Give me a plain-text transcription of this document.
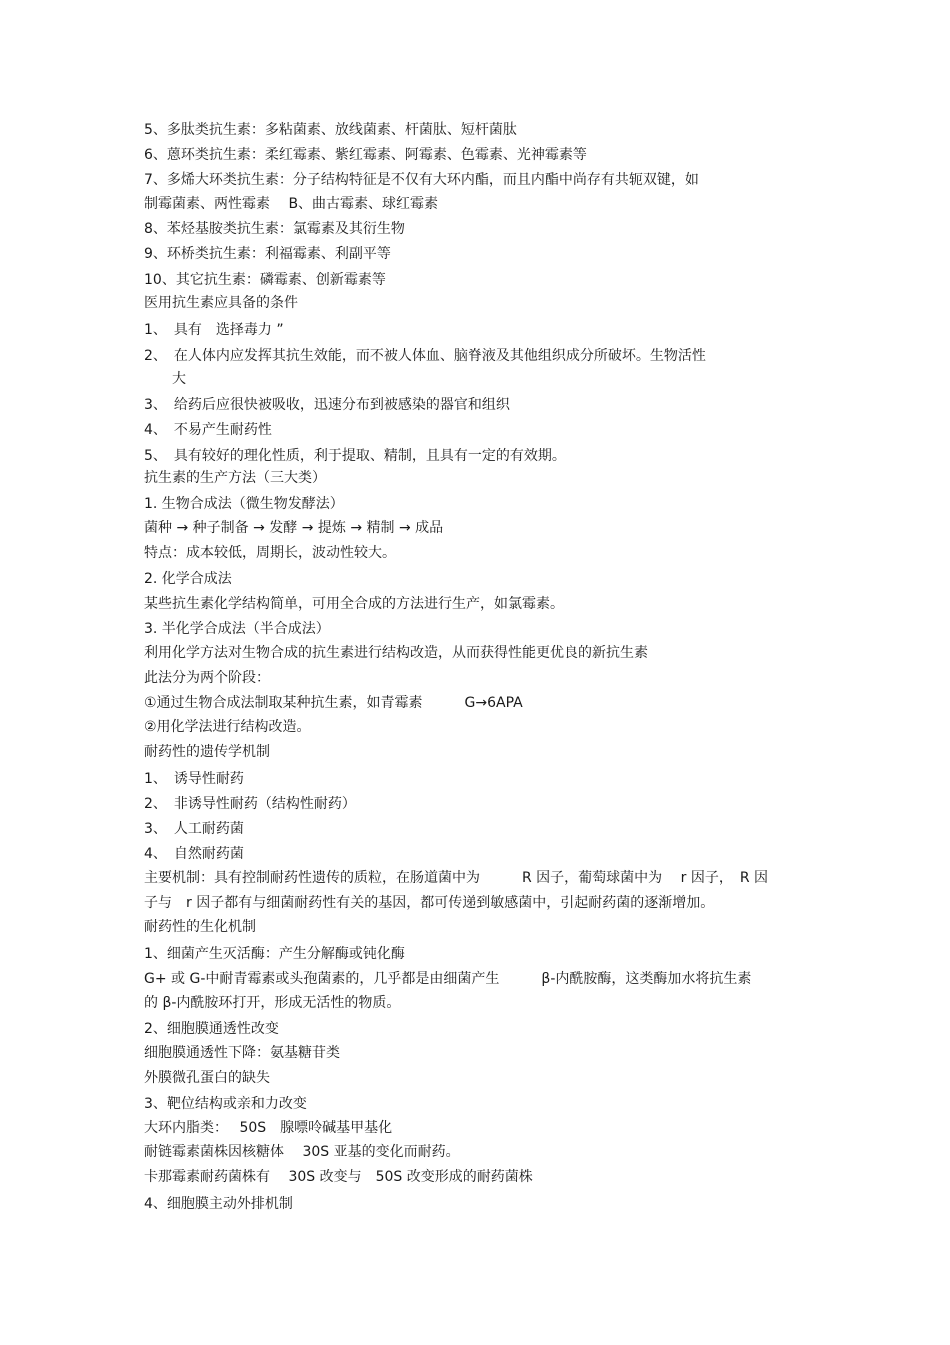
5、多肽类抗生素：多粘菌素、放线菌素、杆菌肽、短杆菌肽
6、蒽环类抗生素：柔红霉素、紫红霉素、阿霉素、色霉素、光神霉素等
7、多烯大环类抗生素：分子结构特征是不仅有大环内酯，而且内酯中尚存有共轭双键，如
制霉菌素、两性霉素　 B、曲古霉素、球红霉素
8、苯烃基胺类抗生素：氯霉素及其衍生物
9、环桥类抗生素：利福霉素、利副平等
10、其它抗生素：磷霉素、创新霉素等
医用抗生素应具备的条件
1、　具有　选择毒力 ”
2、　在人体内应发挥其抗生效能，而不被人体血、脑脊液及其他组织成分所破坏。生物活性
大
3、　给药后应很快被吸收，迅速分布到被感染的器官和组织
4、　不易产生耐药性
5、　具有较好的理化性质，利于提取、精制，且具有一定的有效期。
抗生素的生产方法（三大类）
1. 生物合成法（微生物发酵法）
菌种 → 种子制备 → 发酵 → 提炼 → 精制 → 成品
特点：成本较低，周期长，波动性较大。
2. 化学合成法
某些抗生素化学结构简单，可用全合成的方法进行生产，如氯霉素。
3. 半化学合成法（半合成法）
利用化学方法对生物合成的抗生素进行结构改造，从而获得性能更优良的新抗生素
此法分为两个阶段：
①通过生物合成法制取某种抗生素，如青霉素　　　G→6APA
②用化学法进行结构改造。
耐药性的遗传学机制
1、　诱导性耐药
2、　非诱导性耐药（结构性耐药）
3、　人工耐药菌
4、　自然耐药菌
主要机制：具有控制耐药性遗传的质粒，在肠道菌中为　　　R 因子，葡萄球菌中为　 r 因子，　R 因
子与　r 因子都有与细菌耐药性有关的基因，都可传递到敏感菌中，引起耐药菌的逐渐增加。
耐药性的生化机制
1、细菌产生灭活酶：产生分解酶或钝化酶
G+ 或 G-中耐青霉素或头孢菌素的，几乎都是由细菌产生　　　β-内酰胺酶，这类酶加水将抗生素
的 β-内酰胺环打开，形成无活性的物质。
2、细胞膜通透性改变
细胞膜通透性下降：氨基糖苷类
外膜微孔蛋白的缺失
3、靶位结构或亲和力改变
大环内脂类：　 50S　腺嘌呤碱基甲基化
耐链霉素菌株因核糖体　 30S 亚基的变化而耐药。
卡那霉素耐药菌株有　 30S 改变与　50S 改变形成的耐药菌株
4、细胞膜主动外排机制
